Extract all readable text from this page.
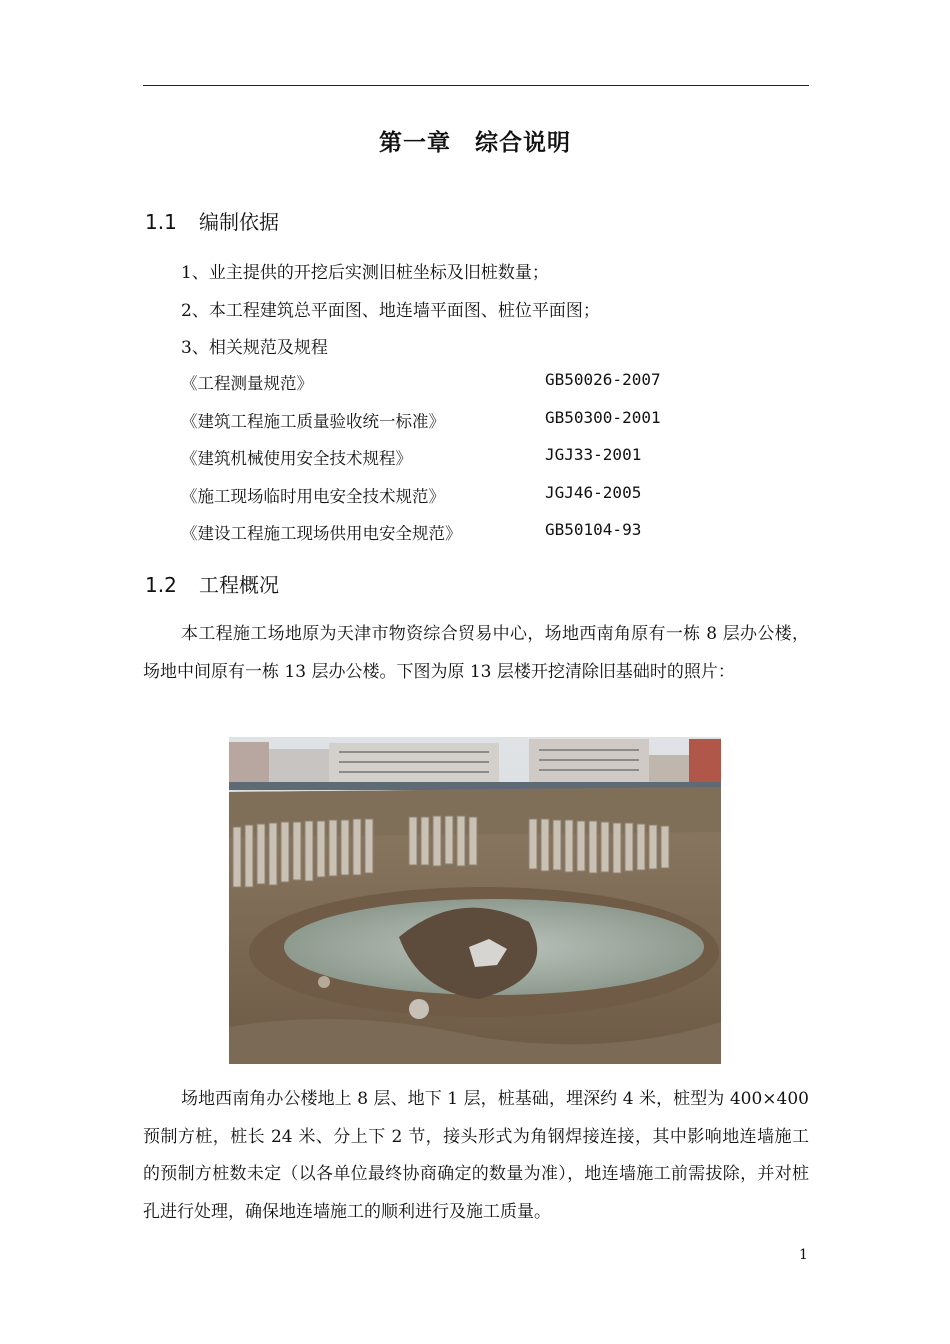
第一章　综合说明
1.1 编制依据
1、业主提供的开挖后实测旧桩坐标及旧桩数量；
2、本工程建筑总平面图、地连墙平面图、桩位平面图；
3、相关规范及规程
《工程测量规范》	GB50026-2007
《建筑工程施工质量验收统一标准》	GB50300-2001
《建筑机械使用安全技术规程》	JGJ33-2001
《施工现场临时用电安全技术规范》	JGJ46-2005
《建设工程施工现场供用电安全规范》	GB50104-93
1.2 工程概况
本工程施工场地原为天津市物资综合贸易中心，场地西南角原有一栋 8 层办公楼，场地中间原有一栋 13 层办公楼。下图为原 13 层楼开挖清除旧基础时的照片：
场地西南角办公楼地上 8 层、地下 1 层，桩基础，埋深约 4 米，桩型为 400×400 预制方桩，桩长 24 米、分上下 2 节，接头形式为角钢焊接连接，其中影响地连墙施工的预制方桩数未定（以各单位最终协商确定的数量为准），地连墙施工前需拔除，并对桩孔进行处理，确保地连墙施工的顺利进行及施工质量。
1
